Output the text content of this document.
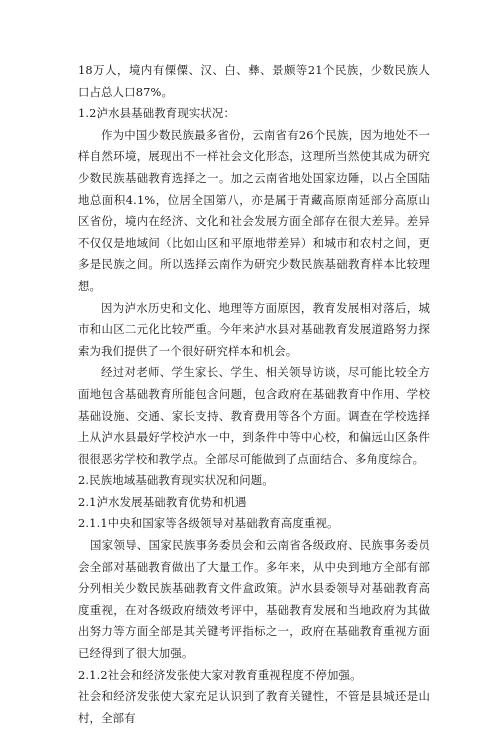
18万人，境内有傈僳、汉、白、彝、景颇等21个民族，少数民族人口占总人口87%。

1.2泸水县基础教育现实状况：

作为中国少数民族最多省份，云南省有26个民族，因为地处不一样自然环境，展现出不一样社会文化形态，这理所当然使其成为研究少数民族基础教育选择之一。加之云南省地处国家边陲，以占全国陆地总面积4.1%，位居全国第八，亦是属于青藏高原南延部分高原山区省份，境内在经济、文化和社会发展方面全部存在很大差异。差异不仅仅是地域间（比如山区和平原地带差异）和城市和农村之间，更多是民族之间。所以选择云南作为研究少数民族基础教育样本比较理想。

因为泸水历史和文化、地理等方面原因，教育发展相对落后，城市和山区二元化比较严重。今年来泸水县对基础教育发展道路努力探索为我们提供了一个很好研究样本和机会。

经过对老师、学生家长、学生、相关领导访谈，尽可能比较全方面地包含基础教育所能包含问题，包含政府在基础教育中作用、学校基础设施、交通、家长支持、教育费用等各个方面。调查在学校选择上从泸水县最好学校泸水一中，到条件中等中心校，和偏远山区条件很很恶劣学校和教学点。全部尽可能做到了点面结合、多角度综合。

2.民族地域基础教育现实状况和问题。

2.1泸水发展基础教育优势和机遇

2.1.1中央和国家等各级领导对基础教育高度重视。

国家领导、国家民族事务委员会和云南省各级政府、民族事务委员会全部对基础教育做出了大量工作。多年来，从中央到地方全部有部分列相关少数民族基础教育文件盒政策。泸水县委领导对基础教育高度重视，在对各级政府绩效考评中，基础教育发展和当地政府为其做出努力等方面全部是其关键考评指标之一，政府在基础教育重视方面已经得到了很大加强。

2.1.2社会和经济发张使大家对教育重视程度不停加强。

社会和经济发张使大家充足认识到了教育关键性，不管是县城还是山村，全部有
